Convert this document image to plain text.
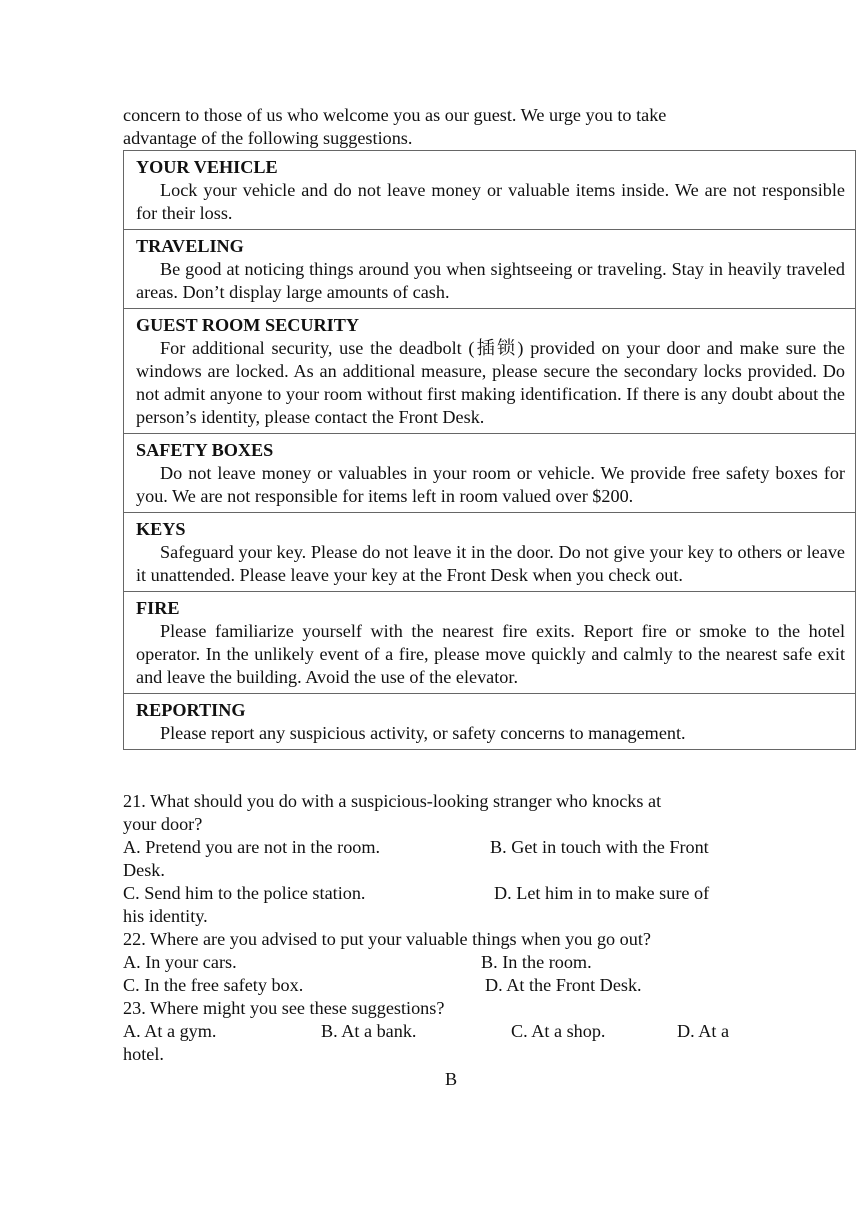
concern to those of us who welcome you as our guest. We urge you to take

advantage of the following suggestions.

YOUR VEHICLE
Lock your vehicle and do not leave money or valuable items inside. We are not responsible for their loss.
TRAVELING
Be good at noticing things around you when sightseeing or traveling. Stay in heavily traveled areas. Don’t display large amounts of cash.
GUEST ROOM SECURITY
For additional security, use the deadbolt (插锁) provided on your door and make sure the windows are locked. As an additional measure, please secure the secondary locks provided. Do not admit anyone to your room without first making identification. If there is any doubt about the person’s identity, please contact the Front Desk.
SAFETY BOXES
Do not leave money or valuables in your room or vehicle. We provide free safety boxes for you. We are not responsible for items left in room valued over $200.
KEYS
Safeguard your key. Please do not leave it in the door. Do not give your key to others or leave it unattended. Please leave your key at the Front Desk when you check out.
FIRE
Please familiarize yourself with the nearest fire exits. Report fire or smoke to the hotel operator. In the unlikely event of a fire, please move quickly and calmly to the nearest safe exit and leave the building. Avoid the use of the elevator.
REPORTING
Please report any suspicious activity, or safety concerns to management.
21. What should you do with a suspicious-looking stranger who knocks at
your door?
A. Pretend you are not in the room.	B. Get in touch with the Front
Desk.
C. Send him to the police station.	D. Let him in to make sure of
his identity.
22. Where are you advised to put your valuable things when you go out?
A. In your cars.	B. In the room.
C. In the free safety box.	D. At the Front Desk.
23. Where might you see these suggestions?
A. At a gym.	B. At a bank.	C. At a shop.	D. At a
hotel.
B
